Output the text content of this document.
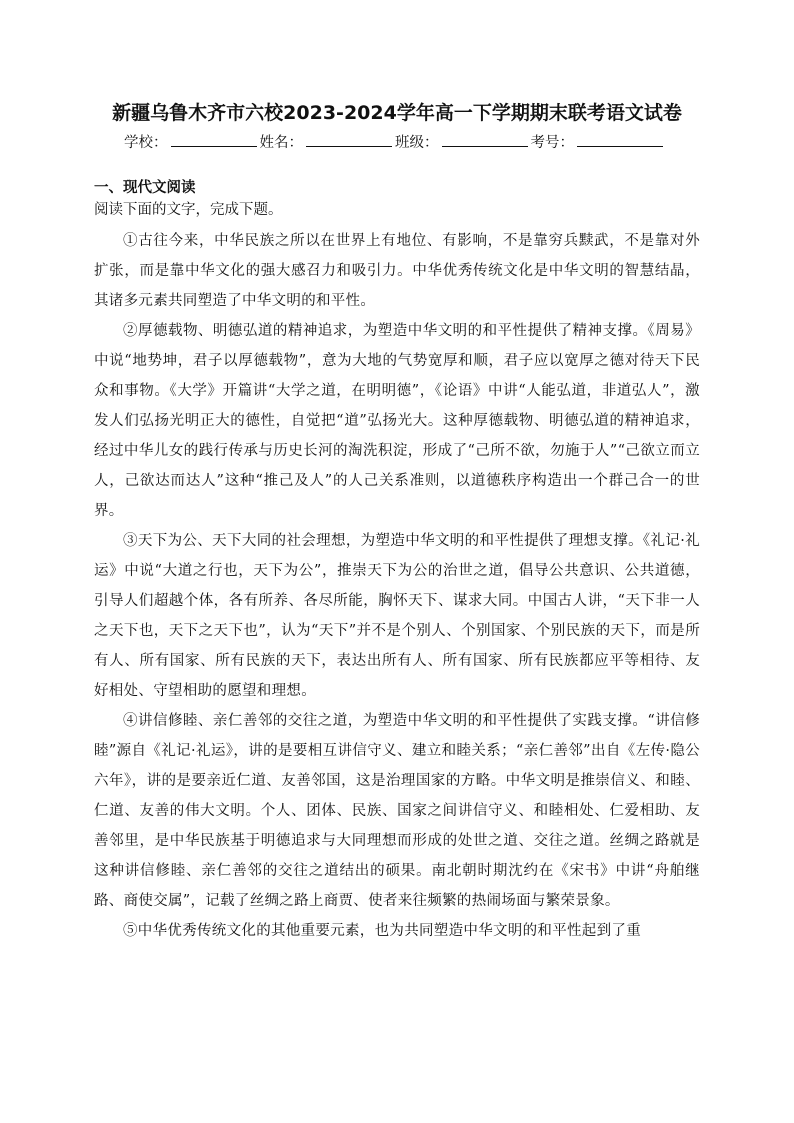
新疆乌鲁木齐市六校2023-2024学年高一下学期期末联考语文试卷
学校：	姓名：	班级：	考号：
一、现代文阅读
阅读下面的文字，完成下题。

①古往今来，中华民族之所以在世界上有地位、有影响，不是靠穷兵黩武，不是靠对外扩张，而是靠中华文化的强大感召力和吸引力。中华优秀传统文化是中华文明的智慧结晶，其诸多元素共同塑造了中华文明的和平性。

②厚德载物、明德弘道的精神追求，为塑造中华文明的和平性提供了精神支撑。《周易》中说“地势坤，君子以厚德载物”，意为大地的气势宽厚和顺，君子应以宽厚之德对待天下民众和事物。《大学》开篇讲“大学之道，在明明德”，《论语》中讲“人能弘道，非道弘人”，激发人们弘扬光明正大的德性，自觉把“道”弘扬光大。这种厚德载物、明德弘道的精神追求，经过中华儿女的践行传承与历史长河的淘洗积淀，形成了“己所不欲，勿施于人”“己欲立而立人，己欲达而达人”这种“推己及人”的人己关系准则，以道德秩序构造出一个群己合一的世界。

③天下为公、天下大同的社会理想，为塑造中华文明的和平性提供了理想支撑。《礼记·礼运》中说“大道之行也，天下为公”，推崇天下为公的治世之道，倡导公共意识、公共道德，引导人们超越个体，各有所养、各尽所能，胸怀天下、谋求大同。中国古人讲，“天下非一人之天下也，天下之天下也”，认为“天下”并不是个别人、个别国家、个别民族的天下，而是所有人、所有国家、所有民族的天下，表达出所有人、所有国家、所有民族都应平等相待、友好相处、守望相助的愿望和理想。

④讲信修睦、亲仁善邻的交往之道，为塑造中华文明的和平性提供了实践支撑。“讲信修睦”源自《礼记·礼运》，讲的是要相互讲信守义、建立和睦关系；“亲仁善邻”出自《左传·隐公六年》，讲的是要亲近仁道、友善邻国，这是治理国家的方略。中华文明是推崇信义、和睦、仁道、友善的伟大文明。个人、团体、民族、国家之间讲信守义、和睦相处、仁爱相助、友善邻里，是中华民族基于明德追求与大同理想而形成的处世之道、交往之道。丝绸之路就是这种讲信修睦、亲仁善邻的交往之道结出的硕果。南北朝时期沈约在《宋书》中讲“舟舶继路、商使交属”，记载了丝绸之路上商贾、使者来往频繁的热闹场面与繁荣景象。

⑤中华优秀传统文化的其他重要元素，也为共同塑造中华文明的和平性起到了重
